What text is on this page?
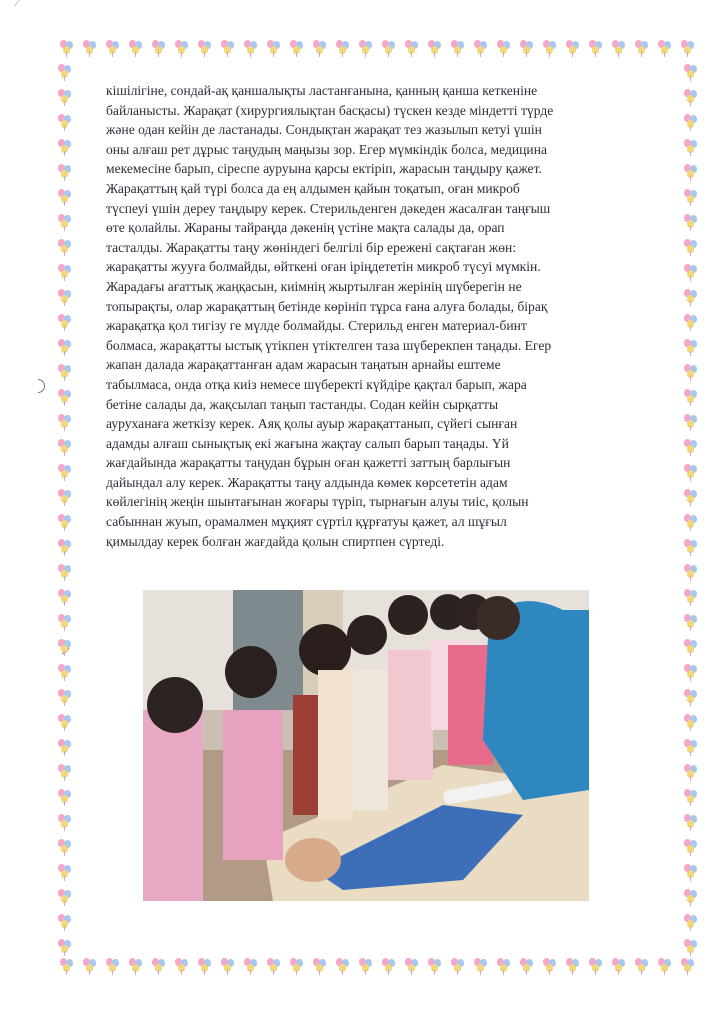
кішілігіне, сондай-ақ қаншалықты ластанғанына, қанның қанша кеткеніне
байланысты. Жарақат (хирургиялықтан басқасы) түскен кезде міндетті түрде
және одан кейін де ластанады. Сондықтан жарақат тез жазылып кетуі үшін
оны алғаш рет дұрыс таңудың маңызы зор. Егер мүмкіндік болса, медицина
мекемесіне барып, сіреспе ауруына қарсы ектіріп, жарасын таңдыру қажет.
Жарақаттың қай түрі болса да ең алдымен қайын тоқатып, оған микроб
түспеуі үшін дереу таңдыру керек. Стерильденген дәкеден жасалған таңғыш
өте қолайлы. Жараны тайраңда дәкенің үстіне мақта салады да, орап
тасталды. Жарақатты таңу жөніндегі белгілі бір ережені сақтаған жөн:
жарақатты жууға болмайды, өйткені оған іріңдететін микроб түсуі мүмкін.
Жарадағы ағаттық жаңқасын, киімнің жыртылған жерінің шүберегін не
топырақты, олар жарақаттың бетінде көрініп тұрса ғана алуға болады, бірақ
жарақатқа қол тигізу ге мүлде болмайды. Стерильд енген материал-бинт
болмаса, жарақатты ыстық үтікпен үтіктелген таза шүберекпен таңады. Егер
жапан далада жарақаттанған адам жарасын таңатын арнайы ештеме
табылмаса, онда отқа киіз немесе шүберекті күйдіре қақтал барып, жара
бетіне салады да, жақсылап таңып тастанды. Содан кейін сырқатты
ауруханаға жеткізу керек. Аяқ қолы ауыр жарақаттанып, сүйегі сынған
адамды алғаш сынықтық екі жағына жақтау салып барып таңады. Үй
жағдайында жарақатты таңудан бұрын оған қажетті заттың барлығын
дайындал алу керек. Жарақатты таңу алдында көмек көрсететін адам
көйлегінің жеңін шынтағынан жоғары түріп, тырнағын алуы тиіс, қолын
сабыннан жуып, орамалмен мұқият сүртіл құрғатуы қажет, ал шұғыл
қимылдау керек болған жағдайда қолын спиртпен сүртеді.
